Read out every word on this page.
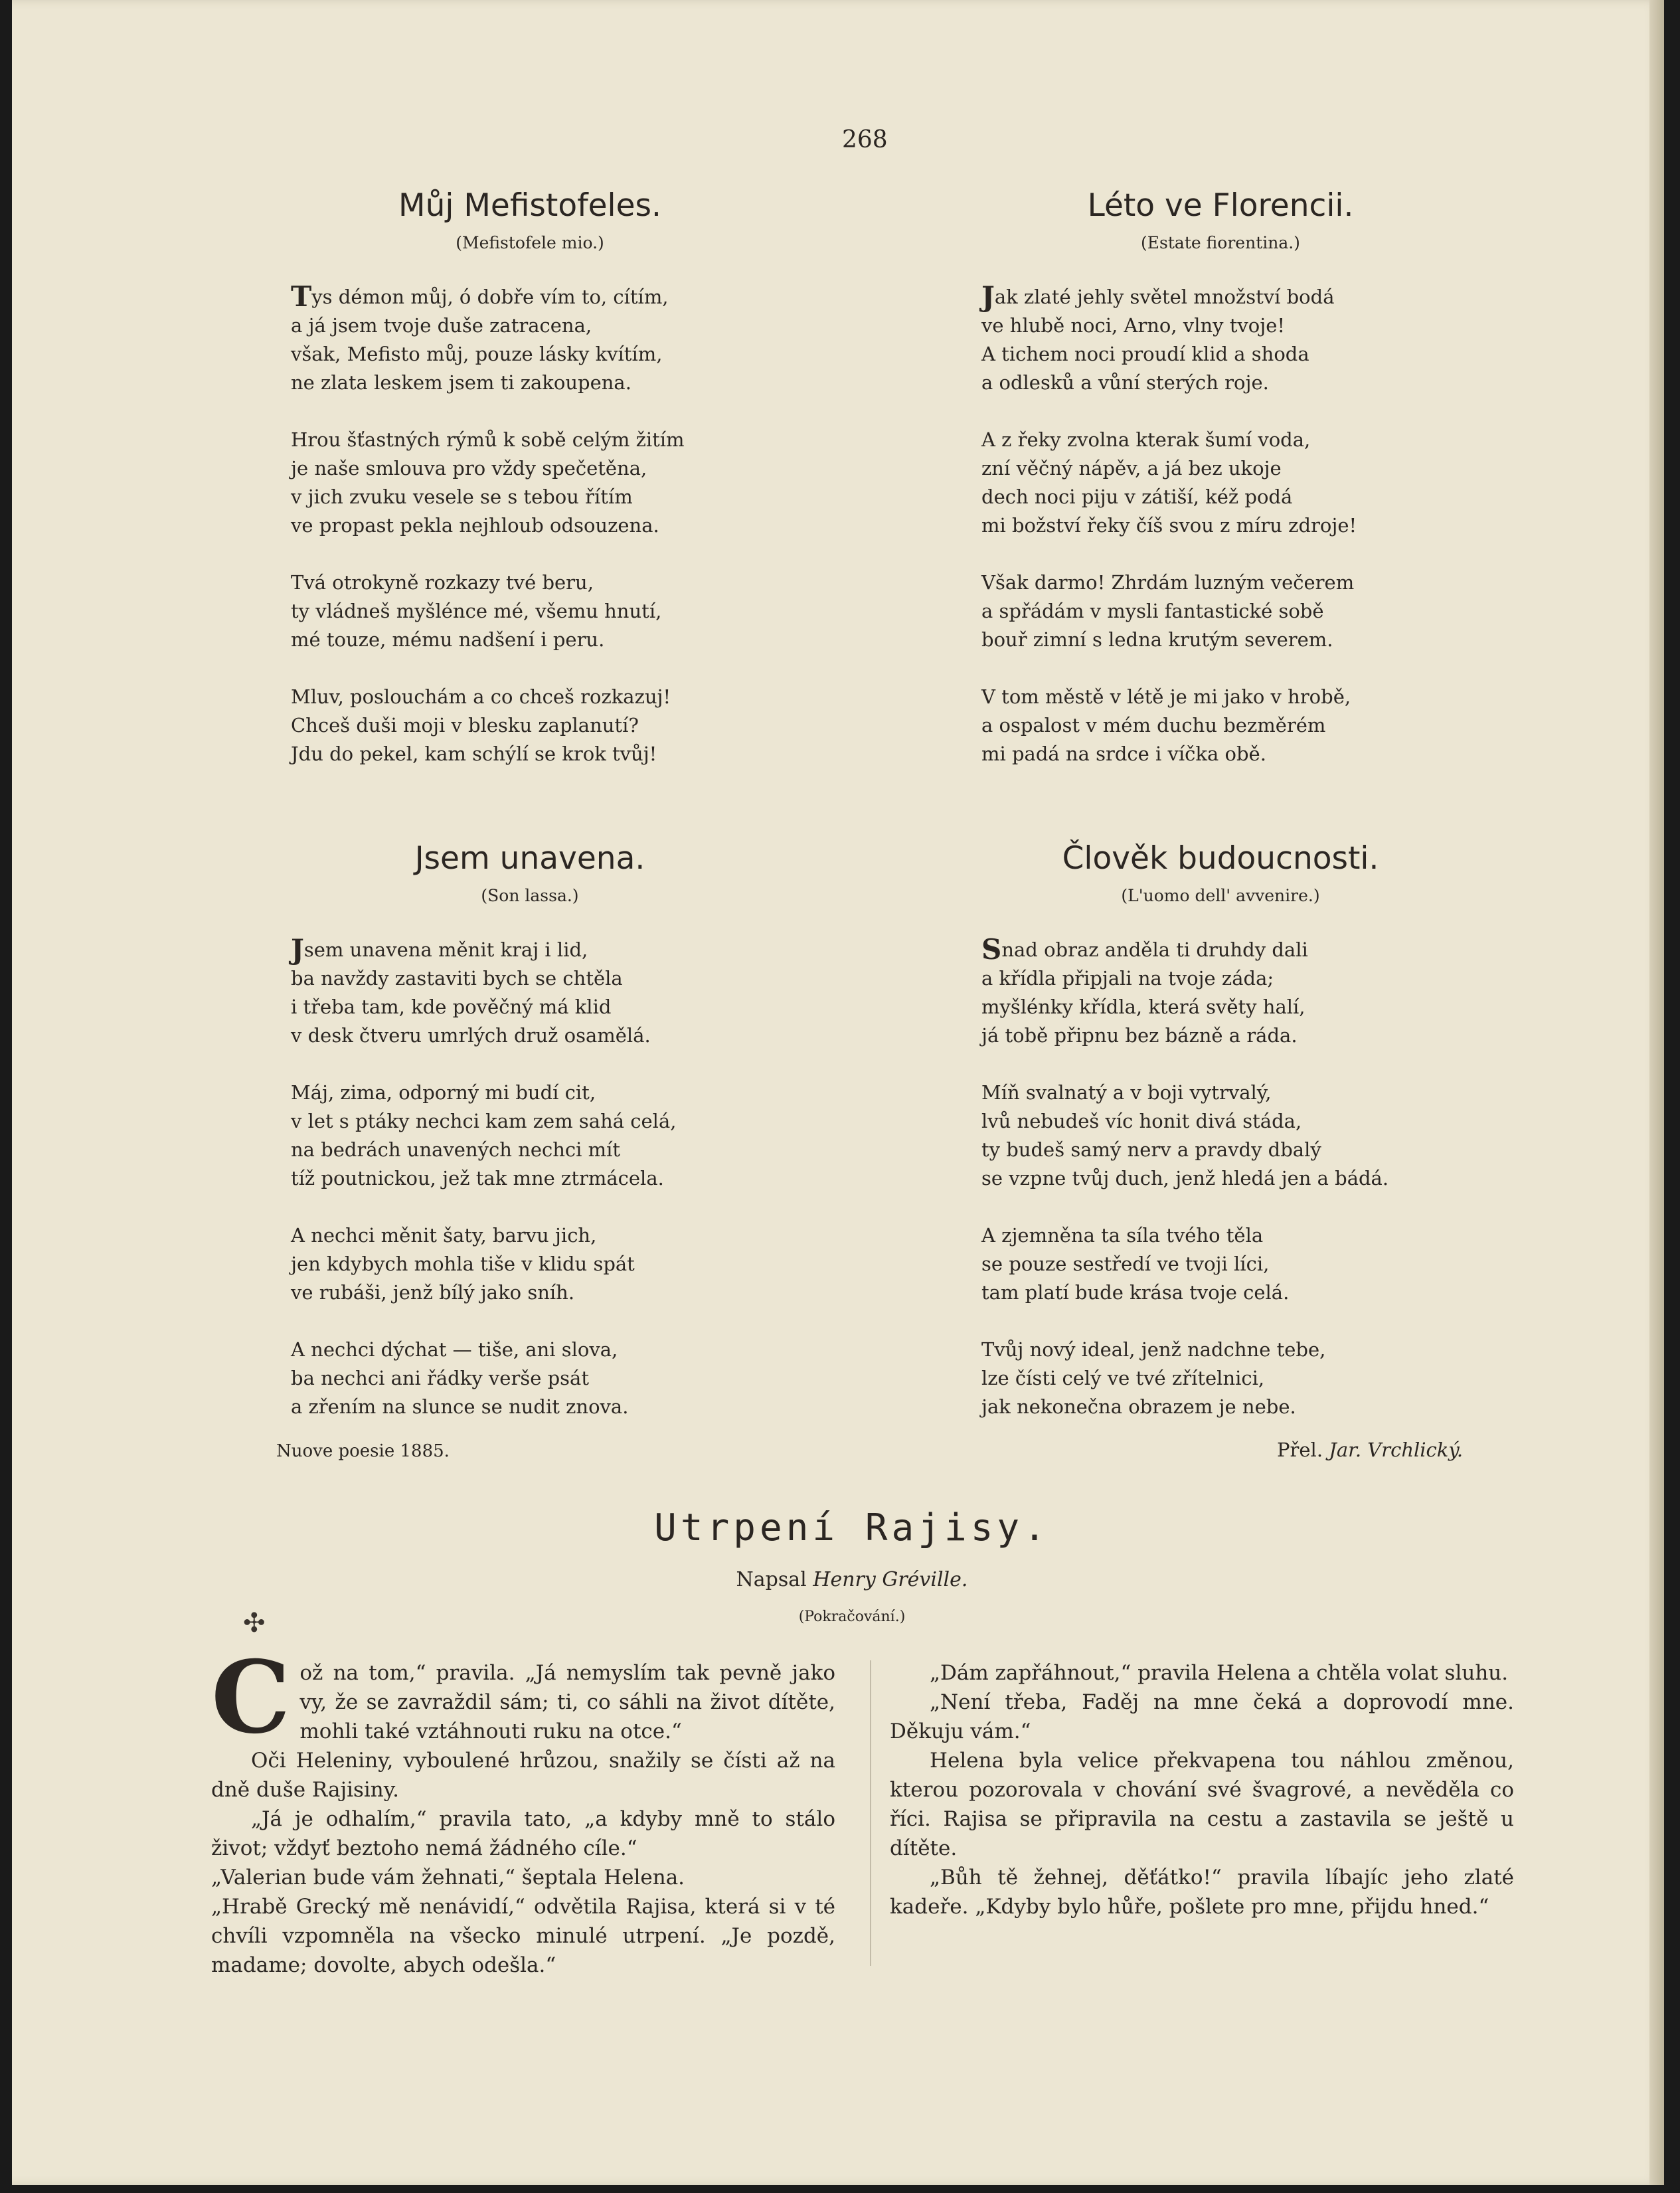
268
Můj Mefistofeles.
(Mefistofele mio.)
Tys démon můj, ó dobře vím to, cítím,
a já jsem tvoje duše zatracena,
však, Mefisto můj, pouze lásky kvítím,
ne zlata leskem jsem ti zakoupena.
Hrou šťastných rýmů k sobě celým žitím
je naše smlouva pro vždy spečetěna,
v jich zvuku vesele se s tebou řítím
ve propast pekla nejhloub odsouzena.
Tvá otrokyně rozkazy tvé beru,
ty vládneš myšlénce mé, všemu hnutí,
mé touze, mému nadšení i peru.
Mluv, poslouchám a co chceš rozkazuj!
Chceš duši moji v blesku zaplanutí?
Jdu do pekel, kam schýlí se krok tvůj!
Léto ve Florencii.
(Estate fiorentina.)
Jak zlaté jehly světel množství bodá
ve hlubě noci, Arno, vlny tvoje!
A tichem noci proudí klid a shoda
a odlesků a vůní sterých roje.
A z řeky zvolna kterak šumí voda,
zní věčný nápěv, a já bez ukoje
dech noci piju v zátiší, kéž podá
mi božství řeky číš svou z míru zdroje!
Však darmo! Zhrdám luzným večerem
a spřádám v mysli fantastické sobě
bouř zimní s ledna krutým severem.
V tom městě v létě je mi jako v hrobě,
a ospalost v mém duchu bezměrém
mi padá na srdce i víčka obě.
Jsem unavena.
(Son lassa.)
Jsem unavena měnit kraj i lid,
ba navždy zastaviti bych se chtěla
i třeba tam, kde pověčný má klid
v desk čtveru umrlých druž osamělá.
Máj, zima, odporný mi budí cit,
v let s ptáky nechci kam zem sahá celá,
na bedrách unavených nechci mít
tíž poutnickou, jež tak mne ztrmácela.
A nechci měnit šaty, barvu jich,
jen kdybych mohla tiše v klidu spát
ve rubáši, jenž bílý jako sníh.
A nechci dýchat — tiše, ani slova,
ba nechci ani řádky verše psát
a zřením na slunce se nudit znova.
Člověk budoucnosti.
(L'uomo dell' avvenire.)
Snad obraz anděla ti druhdy dali
a křídla připjali na tvoje záda;
myšlénky křídla, která světy halí,
já tobě připnu bez bázně a ráda.
Míň svalnatý a v boji vytrvalý,
lvů nebudeš víc honit divá stáda,
ty budeš samý nerv a pravdy dbalý
se vzpne tvůj duch, jenž hledá jen a bádá.
A zjemněna ta síla tvého těla
se pouze sestředí ve tvoji líci,
tam platí bude krása tvoje celá.
Tvůj nový ideal, jenž nadchne tebe,
lze čísti celý ve tvé zřítelnici,
jak nekonečna obrazem je nebe.
Nuove poesie 1885.	Přel. Jar. Vrchlický.
Utrpení Rajisy.
Napsal Henry Gréville.
(Pokračování.)
✣

Což na tom,“ pravila. „Já nemyslím tak pevně jako vy, že se zavraždil sám; ti, co sáhli na život dítěte, mohli také vztáhnouti ruku na otce.“

Oči Heleniny, vyboulené hrůzou, snažily se čísti až na dně duše Rajisiny.

„Já je odhalím,“ pravila tato, „a kdyby mně to stálo život; vždyť beztoho nemá žádného cíle.“

„Valerian bude vám žehnati,“ šeptala Helena.

„Hrabě Grecký mě nenávidí,“ odvětila Rajisa, která si v té chvíli vzpomněla na všecko minulé utrpení. „Je pozdě, madame; dovolte, abych odešla.“

„Dám zapřáhnout,“ pravila Helena a chtěla volat sluhu.

„Není třeba, Faděj na mne čeká a doprovodí mne. Děkuju vám.“

Helena byla velice překvapena tou náhlou změnou, kterou pozorovala v chování své švagrové, a nevěděla co říci. Rajisa se připravila na cestu a zastavila se ještě u dítěte.

„Bůh tě žehnej, děťátko!“ pravila líbajíc jeho zlaté kadeře. „Kdyby bylo hůře, pošlete pro mne, přijdu hned.“
